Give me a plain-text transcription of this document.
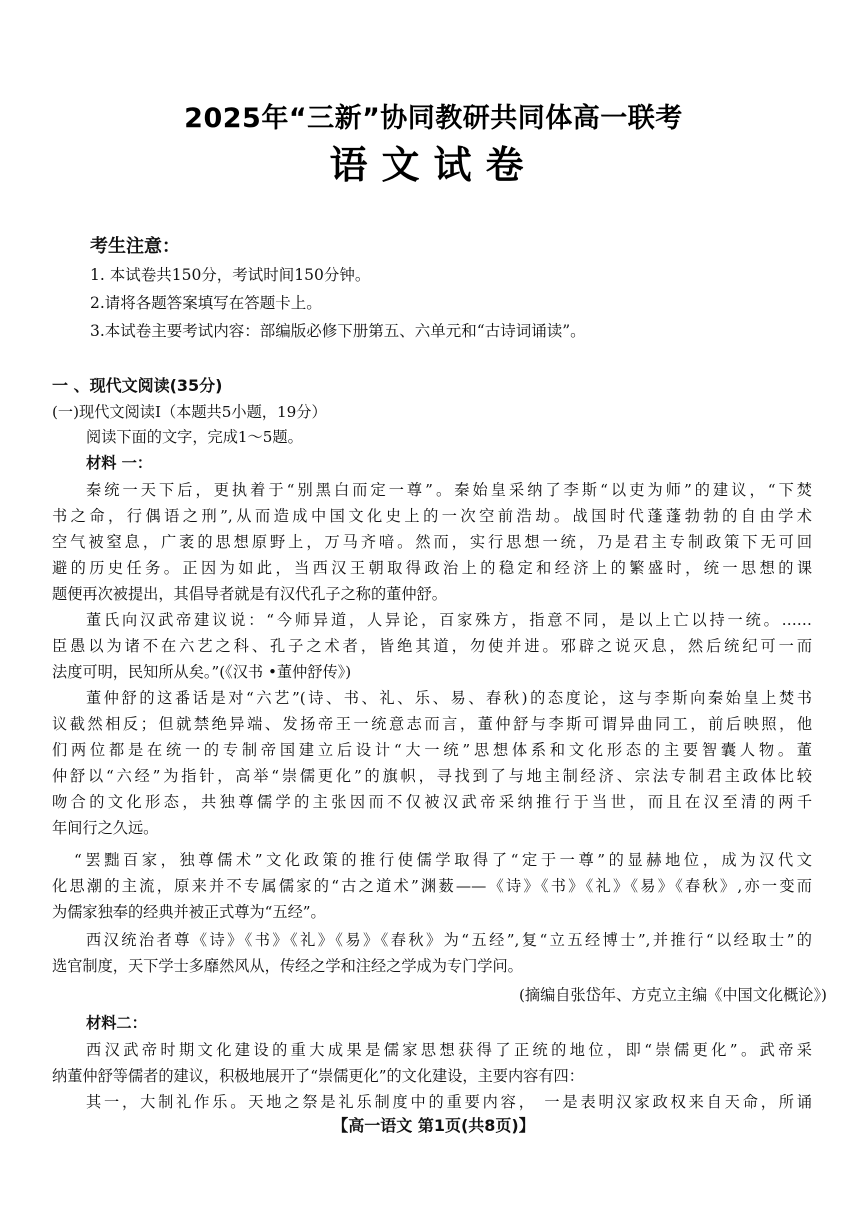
2025年“三新”协同教研共同体高一联考
语文试卷
考生注意：
1. 本试卷共150分，考试时间150分钟。
2.请将各题答案填写在答题卡上。
3.本试卷主要考试内容：部编版必修下册第五、六单元和“古诗词诵读”。
一 、现代文阅读(35分)
(一)现代文阅读I（本题共5小题，19分）
阅读下面的文字，完成1～5题。
材料 一：
秦统一天下后，更执着于“别黑白而定一尊”。秦始皇采纳了李斯“以吏为师”的建议，“下焚
书之命，行偶语之刑”,从而造成中国文化史上的一次空前浩劫。战国时代蓬蓬勃勃的自由学术
空气被窒息，广袤的思想原野上，万马齐喑。然而，实行思想一统，乃是君主专制政策下无可回
避的历史任务。正因为如此，当西汉王朝取得政治上的稳定和经济上的繁盛时，统一思想的课
题便再次被提出，其倡导者就是有汉代孔子之称的董仲舒。
董氏向汉武帝建议说：“今师异道，人异论，百家殊方，指意不同，是以上亡以持一统。……
臣愚以为诸不在六艺之科、孔子之术者，皆绝其道，勿使并进。邪辟之说灭息，然后统纪可一而
法度可明，民知所从矣。”(《汉书 •董仲舒传》)
董仲舒的这番话是对“六艺”(诗、书、礼、乐、易、春秋)的态度论，这与李斯向秦始皇上焚书
议截然相反；但就禁绝异端、发扬帝王一统意志而言，董仲舒与李斯可谓异曲同工，前后映照，他
们两位都是在统一的专制帝国建立后设计“大一统”思想体系和文化形态的主要智囊人物。董
仲舒以“六经”为指针，高举“崇儒更化”的旗帜，寻找到了与地主制经济、宗法专制君主政体比较
吻合的文化形态，共独尊儒学的主张因而不仅被汉武帝采纳推行于当世，而且在汉至清的两千
年间行之久远。
“罢黜百家，独尊儒术”文化政策的推行使儒学取得了“定于一尊”的显赫地位，成为汉代文
化思潮的主流，原来并不专属儒家的“古之道术”渊薮——《诗》《书》《礼》《易》《春秋》,亦一变而
为儒家独奉的经典并被正式尊为“五经”。
西汉统治者尊《诗》《书》《礼》《易》《春秋》为“五经”,复“立五经博士”,并推行“以经取士”的
选官制度，天下学士多靡然风从，传经之学和注经之学成为专门学问。
(摘编自张岱年、方克立主编《中国文化概论》)
材料二：
西汉武帝时期文化建设的重大成果是儒家思想获得了正统的地位，即“崇儒更化”。武帝采
纳董仲舒等儒者的建议，积极地展开了“崇儒更化”的文化建设，主要内容有四：
其一，大制礼作乐。天地之祭是礼乐制度中的重要内容， 一是表明汉家政权来自天命，所诵
【高一语文 第1页(共8页)】
